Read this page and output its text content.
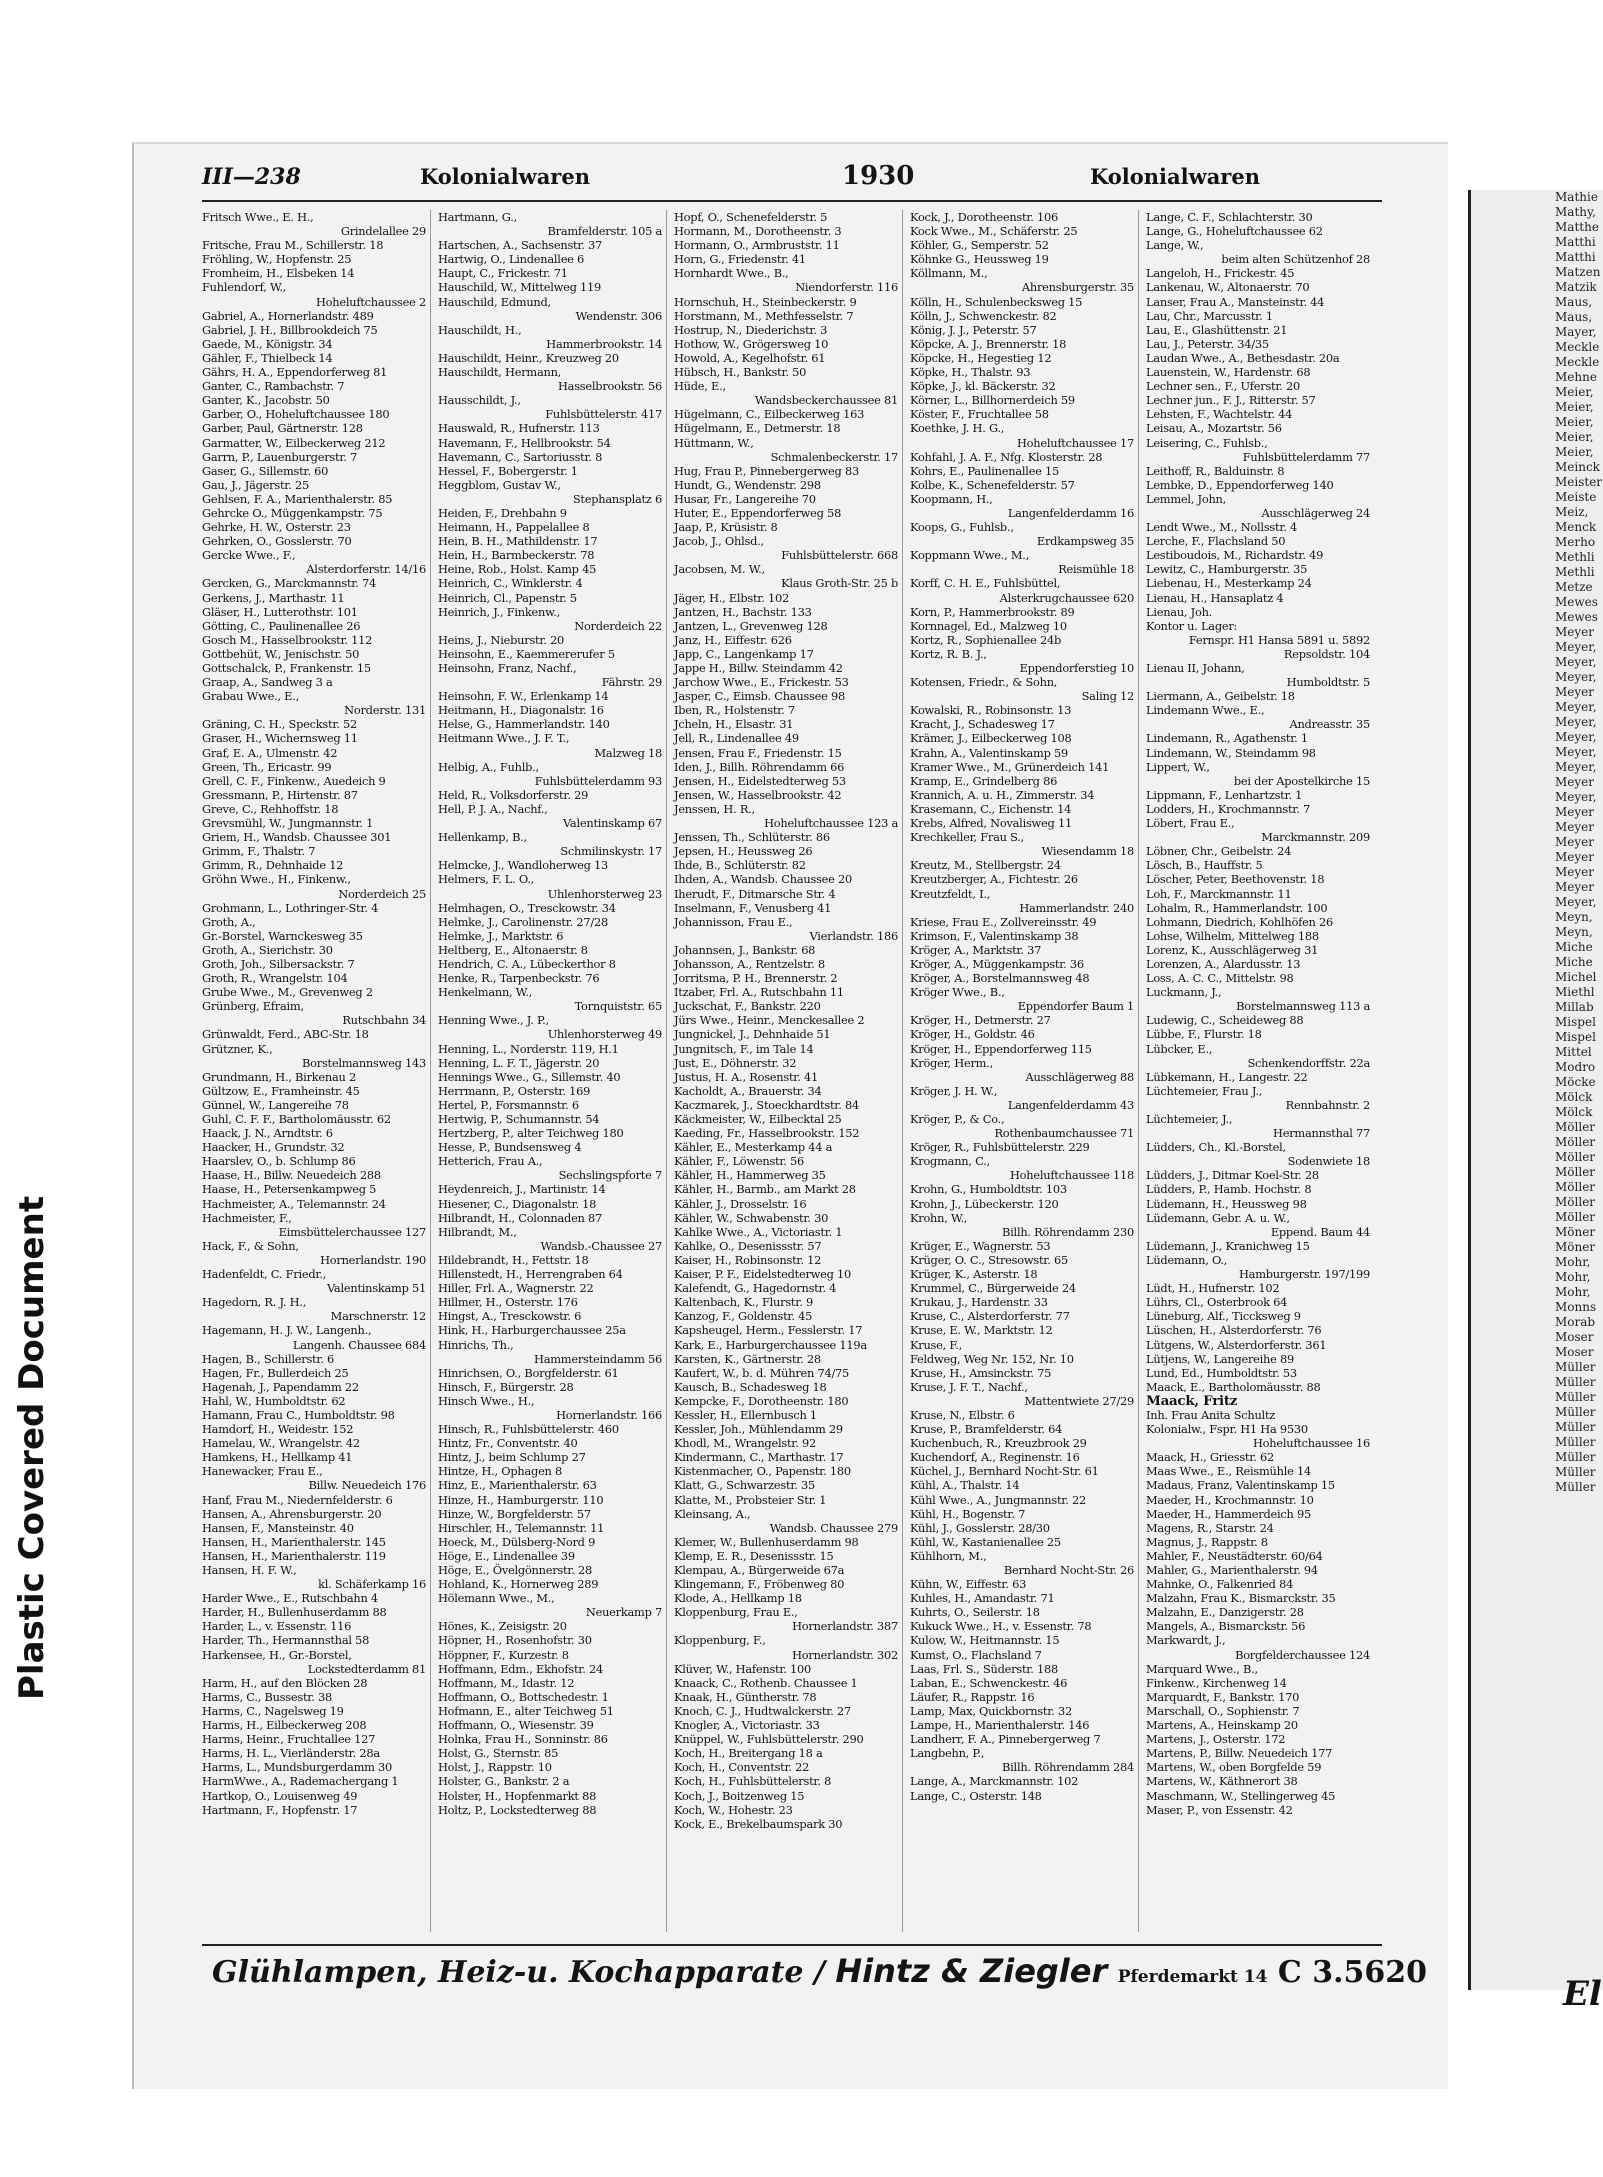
Plastic Covered Document
III—238	Kolonialwaren	1930	Kolonialwaren
Fritsch Wwe., E. H.,
Grindelallee 29
Fritsche, Frau M., Schillerstr. 18
Fröhling, W., Hopfenstr. 25
Fromheim, H., Elsbeken 14
Fuhlendorf, W.,
Hoheluftchaussee 2
Gabriel, A., Hornerlandstr. 489
Gabriel, J. H., Billbrookdeich 75
Gaede, M., Königstr. 34
Gähler, F., Thielbeck 14
Gährs, H. A., Eppendorferweg 81
Ganter, C., Rambachstr. 7
Ganter, K., Jacobstr. 50
Garber, O., Hoheluftchaussee 180
Garber, Paul, Gärtnerstr. 128
Garmatter, W., Eilbeckerweg 212
Garrn, P., Lauenburgerstr. 7
Gaser, G., Sillemstr. 60
Gau, J., Jägerstr. 25
Gehlsen, F. A., Marienthalerstr. 85
Gehrcke O., Müggenkampstr. 75
Gehrke, H. W., Osterstr. 23
Gehrken, O., Gosslerstr. 70
Gercke Wwe., F.,
Alsterdorferstr. 14/16
Gercken, G., Marckmannstr. 74
Gerkens, J., Marthastr. 11
Gläser, H., Lutterothstr. 101
Götting, C., Paulinenallee 26
Gosch M., Hasselbrookstr. 112
Gottbehüt, W., Jenischstr. 50
Gottschalck, P., Frankenstr. 15
Graap, A., Sandweg 3 a
Grabau Wwe., E.,
Norderstr. 131
Gräning, C. H., Speckstr. 52
Graser, H., Wichernsweg 11
Graf, E. A., Ulmenstr. 42
Green, Th., Ericastr. 99
Grell, C. F., Finkenw., Auedeich 9
Gressmann, P., Hirtenstr. 87
Greve, C., Rehhoffstr. 18
Grevsmühl, W., Jungmannstr. 1
Griem, H., Wandsb. Chaussee 301
Grimm, F., Thalstr. 7
Grimm, R., Dehnhaide 12
Gröhn Wwe., H., Finkenw.,
Norderdeich 25
Grohmann, L., Lothringer-Str. 4
Groth, A.,
Gr.-Borstel, Warnckesweg 35
Groth, A., Sierichstr. 30
Groth, Joh., Silbersackstr. 7
Groth, R., Wrangelstr. 104
Grube Wwe., M., Grevenweg 2
Grünberg, Efraim,
Rutschbahn 34
Grünwaldt, Ferd., ABC-Str. 18
Grützner, K.,
Borstelmannsweg 143
Grundmann, H., Birkenau 2
Gültzow, E., Framheinstr. 45
Günnel, W., Langereihe 78
Guhl, C. F. F., Bartholomäusstr. 62
Haack, J. N., Arndtstr. 6
Haacker, H., Grundstr. 32
Haarslev, O., b. Schlump 86
Haase, H., Billw. Neuedeich 288
Haase, H., Petersenkampweg 5
Hachmeister, A., Telemannstr. 24
Hachmeister, F.,
Eimsbüttelerchaussee 127
Hack, F., & Sohn,
Hornerlandstr. 190
Hadenfeldt, C. Friedr.,
Valentinskamp 51
Hagedorn, R. J. H.,
Marschnerstr. 12
Hagemann, H. J. W., Langenh.,
Langenh. Chaussee 684
Hagen, B., Schillerstr. 6
Hagen, Fr., Bullerdeich 25
Hagenah, J., Papendamm 22
Hahl, W., Humboldtstr. 62
Hamann, Frau C., Humboldtstr. 98
Hamdorf, H., Weidestr. 152
Hamelau, W., Wrangelstr. 42
Hamkens, H., Hellkamp 41
Hanewacker, Frau E.,
Billw. Neuedeich 176
Hanf, Frau M., Niedernfelderstr. 6
Hansen, A., Ahrensburgerstr. 20
Hansen, F., Mansteinstr. 40
Hansen, H., Marienthalerstr. 145
Hansen, H., Marienthalerstr. 119
Hansen, H. F. W.,
kl. Schäferkamp 16
Harder Wwe., E., Rutschbahn 4
Harder, H., Bullenhuserdamm 88
Harder, L., v. Essenstr. 116
Harder, Th., Hermannsthal 58
Harkensee, H., Gr.-Borstel,
Lockstedterdamm 81
Harm, H., auf den Blöcken 28
Harms, C., Bussestr. 38
Harms, C., Nagelsweg 19
Harms, H., Eilbeckerweg 208
Harms, Heinr., Fruchtallee 127
Harms, H. L., Vierländerstr. 28a
Harms, L., Mundsburgerdamm 30
HarmWwe., A., Rademachergang 1
Hartkop, O., Louisenweg 49
Hartmann, F., Hopfenstr. 17
Hartmann, G.,
Bramfelderstr. 105 a
Hartschen, A., Sachsenstr. 37
Hartwig, O., Lindenallee 6
Haupt, C., Frickestr. 71
Hauschild, W., Mittelweg 119
Hauschild, Edmund,
Wendenstr. 306
Hauschildt, H.,
Hammerbrookstr. 14
Hauschildt, Heinr., Kreuzweg 20
Hauschildt, Hermann,
Hasselbrookstr. 56
Hausschildt, J.,
Fuhlsbüttelerstr. 417
Hauswald, R., Hufnerstr. 113
Havemann, F., Hellbrookstr. 54
Havemann, C., Sartoriusstr. 8
Hessel, F., Bobergerstr. 1
Heggblom, Gustav W.,
Stephansplatz 6
Heiden, F., Drehbahn 9
Heimann, H., Pappelallee 8
Hein, B. H., Mathildenstr. 17
Hein, H., Barmbeckerstr. 78
Heine, Rob., Holst. Kamp 45
Heinrich, C., Winklerstr. 4
Heinrich, Cl., Papenstr. 5
Heinrich, J., Finkenw.,
Norderdeich 22
Heins, J., Nieburstr. 20
Heinsohn, E., Kaemmererufer 5
Heinsohn, Franz, Nachf.,
Fährstr. 29
Heinsohn, F. W., Erlenkamp 14
Heitmann, H., Diagonalstr. 16
Helse, G., Hammerlandstr. 140
Heitmann Wwe., J. F. T.,
Malzweg 18
Helbig, A., Fuhlb.,
Fuhlsbüttelerdamm 93
Held, R., Volksdorferstr. 29
Hell, P. J. A., Nachf.,
Valentinskamp 67
Hellenkamp, B.,
Schmilinskystr. 17
Helmcke, J., Wandloherweg 13
Helmers, F. L. O.,
Uhlenhorsterweg 23
Helmhagen, O., Tresckowstr. 34
Helmke, J., Carolinenstr. 27/28
Helmke, J., Marktstr. 6
Heltberg, E., Altonaerstr. 8
Hendrich, C. A., Lübeckerthor 8
Henke, R., Tarpenbeckstr. 76
Henkelmann, W.,
Tornquiststr. 65
Henning Wwe., J. P.,
Uhlenhorsterweg 49
Henning, L., Norderstr. 119, H.1
Henning, L. F. T., Jägerstr. 20
Hennings Wwe., G., Sillemstr. 40
Herrmann, P., Osterstr. 169
Hertel, P., Forsmannstr. 6
Hertwig, P., Schumannstr. 54
Hertzberg, P., alter Teichweg 180
Hesse, P., Bundsensweg 4
Hetterich, Frau A.,
Sechslingspforte 7
Heydenreich, J., Martinistr. 14
Hiesener, C., Diagonalstr. 18
Hilbrandt, H., Colonnaden 87
Hilbrandt, M.,
Wandsb.-Chaussee 27
Hildebrandt, H., Fettstr. 18
Hillenstedt, H., Herrengraben 64
Hiller, Frl. A., Wagnerstr. 22
Hillmer, H., Osterstr. 176
Hingst, A., Tresckowstr. 6
Hink, H., Harburgerchaussee 25a
Hinrichs, Th.,
Hammersteindamm 56
Hinrichsen, O., Borgfelderstr. 61
Hinsch, F., Bürgerstr. 28
Hinsch Wwe., H.,
Hornerlandstr. 166
Hinsch, R., Fuhlsbüttelerstr. 460
Hintz, Fr., Conventstr. 40
Hintz, J., beim Schlump 27
Hintze, H., Ophagen 8
Hinz, E., Marienthalerstr. 63
Hinze, H., Hamburgerstr. 110
Hinze, W., Borgfelderstr. 57
Hirschler, H., Telemannstr. 11
Hoeck, M., Dülsberg-Nord 9
Höge, E., Lindenallee 39
Höge, E., Övelgönnerstr. 28
Hohland, K., Hornerweg 289
Hölemann Wwe., M.,
Neuerkamp 7
Hönes, K., Zeisigstr. 20
Höpner, H., Rosenhofstr. 30
Höppner, F., Kurzestr. 8
Hoffmann, Edm., Ekhofstr. 24
Hoffmann, M., Idastr. 12
Hoffmann, O., Bottschedestr. 1
Hofmann, E., alter Teichweg 51
Hoffmann, O., Wiesenstr. 39
Holnka, Frau H., Sonninstr. 86
Holst, G., Sternstr. 85
Holst, J., Rappstr. 10
Holster, G., Bankstr. 2 a
Holster, H., Hopfenmarkt 88
Holtz, P., Lockstedterweg 88
Hopf, O., Schenefelderstr. 5
Hormann, M., Dorotheenstr. 3
Hormann, O., Armbruststr. 11
Horn, G., Friedenstr. 41
Hornhardt Wwe., B.,
Niendorferstr. 116
Hornschuh, H., Steinbeckerstr. 9
Horstmann, M., Methfesselstr. 7
Hostrup, N., Diederichstr. 3
Hothow, W., Grögersweg 10
Howold, A., Kegelhofstr. 61
Hübsch, H., Bankstr. 50
Hüde, E.,
Wandsbeckerchaussee 81
Hügelmann, C., Eilbeckerweg 163
Hügelmann, E., Detmerstr. 18
Hüttmann, W.,
Schmalenbeckerstr. 17
Hug, Frau P., Pinnebergerweg 83
Hundt, G., Wendenstr. 298
Husar, Fr., Langereihe 70
Huter, E., Eppendorferweg 58
Jaap, P., Krüsistr. 8
Jacob, J., Ohlsd.,
Fuhlsbüttelerstr. 668
Jacobsen, M. W.,
Klaus Groth-Str. 25 b
Jäger, H., Elbstr. 102
Jantzen, H., Bachstr. 133
Jantzen, L., Grevenweg 128
Janz, H., Eiffestr. 626
Japp, C., Langenkamp 17
Jappe H., Billw. Steindamm 42
Jarchow Wwe., E., Frickestr. 53
Jasper, C., Eimsb. Chaussee 98
Iben, R., Holstenstr. 7
Jcheln, H., Elsastr. 31
Jell, R., Lindenallee 49
Jensen, Frau F., Friedenstr. 15
Iden, J., Billh. Röhrendamm 66
Jensen, H., Eidelstedterweg 53
Jensen, W., Hasselbrookstr. 42
Jenssen, H. R.,
Hoheluftchaussee 123 a
Jenssen, Th., Schlüterstr. 86
Jepsen, H., Heussweg 26
Ihde, B., Schlüterstr. 82
Ihden, A., Wandsb. Chaussee 20
Iherudt, F., Ditmarsche Str. 4
Inselmann, F., Venusberg 41
Johannisson, Frau E.,
Vierlandstr. 186
Johannsen, J., Bankstr. 68
Johansson, A., Rentzelstr. 8
Jorritsma, P. H., Brennerstr. 2
Itzaber, Frl. A., Rutschbahn 11
Juckschat, F., Bankstr. 220
Jürs Wwe., Heinr., Menckesallee 2
Jungnickel, J., Dehnhaide 51
Jungnitsch, F., im Tale 14
Just, E., Döhnerstr. 32
Justus, H. A., Rosenstr. 41
Kacholdt, A., Brauerstr. 34
Kaczmarek, J., Stoeckhardtstr. 84
Käckmeister, W., Eilbecktal 25
Kaeding, Fr., Hasselbrookstr. 152
Kähler, E., Mesterkamp 44 a
Kähler, F., Löwenstr. 56
Kähler, H., Hammerweg 35
Kähler, H., Barmb., am Markt 28
Kähler, J., Drosselstr. 16
Kähler, W., Schwabenstr. 30
Kahlke Wwe., A., Victoriastr. 1
Kahlke, O., Desenissstr. 57
Kaiser, H., Robinsonstr. 12
Kaiser, P. F., Eidelstedterweg 10
Kalefendt, G., Hagedornstr. 4
Kaltenbach, K., Flurstr. 9
Kanzog, F., Goldenstr. 45
Kapsheugel, Herm., Fesslerstr. 17
Kark, E., Harburgerchaussee 119a
Karsten, K., Gärtnerstr. 28
Kaufert, W., b. d. Mühren 74/75
Kausch, B., Schadesweg 18
Kempcke, F., Dorotheenstr. 180
Kessler, H., Ellernbusch 1
Kessler, Joh., Mühlendamm 29
Khodl, M., Wrangelstr. 92
Kindermann, C., Marthastr. 17
Kistenmacher, O., Papenstr. 180
Klatt, G., Schwarzestr. 35
Klatte, M., Probsteier Str. 1
Kleinsang, A.,
Wandsb. Chaussee 279
Klemer, W., Bullenhuserdamm 98
Klemp, E. R., Desenissstr. 15
Klempau, A., Bürgerweide 67a
Klingemann, F., Fröbenweg 80
Klode, A., Hellkamp 18
Kloppenburg, Frau E.,
Hornerlandstr. 387
Kloppenburg, F.,
Hornerlandstr. 302
Klüver, W., Hafenstr. 100
Knaack, C., Rothenb. Chaussee 1
Knaak, H., Güntherstr. 78
Knoch, C. J., Hudtwalckerstr. 27
Knogler, A., Victoriastr. 33
Knüppel, W., Fuhlsbüttelerstr. 290
Koch, H., Breitergang 18 a
Koch, H., Conventstr. 22
Koch, H., Fuhlsbüttelerstr. 8
Koch, J., Boitzenweg 15
Koch, W., Hohestr. 23
Kock, E., Brekelbaumspark 30
Kock, J., Dorotheenstr. 106
Kock Wwe., M., Schäferstr. 25
Köhler, G., Semperstr. 52
Köhnke G., Heussweg 19
Köllmann, M.,
Ahrensburgerstr. 35
Kölln, H., Schulenbecksweg 15
Kölln, J., Schwenckestr. 82
König, J. J., Peterstr. 57
Köpcke, A. J., Brennerstr. 18
Köpcke, H., Hegestieg 12
Köpke, H., Thalstr. 93
Köpke, J., kl. Bäckerstr. 32
Körner, L., Billhornerdeich 59
Köster, F., Fruchtallee 58
Koethke, J. H. G.,
Hoheluftchaussee 17
Kohfahl, J. A. F., Nfg. Klosterstr. 28
Kohrs, E., Paulinenallee 15
Kolbe, K., Schenefelderstr. 57
Koopmann, H.,
Langenfelderdamm 16
Koops, G., Fuhlsb.,
Erdkampsweg 35
Koppmann Wwe., M.,
Reismühle 18
Korff, C. H. E., Fuhlsbüttel,
Alsterkrugchaussee 620
Korn, P., Hammerbrookstr. 89
Kornnagel, Ed., Malzweg 10
Kortz, R., Sophienallee 24b
Kortz, R. B. J.,
Eppendorferstieg 10
Kotensen, Friedr., & Sohn,
Saling 12
Kowalski, R., Robinsonstr. 13
Kracht, J., Schadesweg 17
Krämer, J., Eilbeckerweg 108
Krahn, A., Valentinskamp 59
Kramer Wwe., M., Grünerdeich 141
Kramp, E., Grindelberg 86
Krannich, A. u. H., Zimmerstr. 34
Krasemann, C., Eichenstr. 14
Krebs, Alfred, Novalisweg 11
Krechkeller, Frau S.,
Wiesendamm 18
Kreutz, M., Stellbergstr. 24
Kreutzberger, A., Fichtestr. 26
Kreutzfeldt, I.,
Hammerlandstr. 240
Kriese, Frau E., Zollvereinsstr. 49
Krimson, F., Valentinskamp 38
Kröger, A., Marktstr. 37
Kröger, A., Müggenkampstr. 36
Kröger, A., Borstelmannsweg 48
Kröger Wwe., B.,
Eppendorfer Baum 1
Kröger, H., Detmerstr. 27
Kröger, H., Goldstr. 46
Kröger, H., Eppendorferweg 115
Kröger, Herm.,
Ausschlägerweg 88
Kröger, J. H. W.,
Langenfelderdamm 43
Kröger, P., & Co.,
Rothenbaumchaussee 71
Kröger, R., Fuhlsbüttelerstr. 229
Krogmann, C.,
Hoheluftchaussee 118
Krohn, G., Humboldtstr. 103
Krohn, J., Lübeckerstr. 120
Krohn, W.,
Billh. Röhrendamm 230
Krüger, E., Wagnerstr. 53
Krüger, O. C., Stresowstr. 65
Krüger, K., Asterstr. 18
Krummel, C., Bürgerweide 24
Krukau, J., Hardenstr. 33
Kruse, C., Alsterdorferstr. 77
Kruse, E. W., Marktstr. 12
Kruse, F.,
Feldweg, Weg Nr. 152, Nr. 10
Kruse, H., Amsinckstr. 75
Kruse, J. F. T., Nachf.,
Mattentwiete 27/29
Kruse, N., Elbstr. 6
Kruse, P., Bramfelderstr. 64
Kuchenbuch, R., Kreuzbrook 29
Kuchendorf, A., Reginenstr. 16
Küchel, J., Bernhard Nocht-Str. 61
Kühl, A., Thalstr. 14
Kühl Wwe., A., Jungmannstr. 22
Kühl, H., Bogenstr. 7
Kühl, J., Gosslerstr. 28/30
Kühl, W., Kastanienallee 25
Kühlhorn, M.,
Bernhard Nocht-Str. 26
Kühn, W., Eiffestr. 63
Kuhles, H., Amandastr. 71
Kuhrts, O., Seilerstr. 18
Kukuck Wwe., H., v. Essenstr. 78
Kulow, W., Heitmannstr. 15
Kumst, O., Flachsland 7
Laas, Frl. S., Süderstr. 188
Laban, E., Schwenckestr. 46
Läufer, R., Rappstr. 16
Lamp, Max, Quickbornstr. 32
Lampe, H., Marienthalerstr. 146
Landherr, F. A., Pinnebergerweg 7
Langbehn, P.,
Billh. Röhrendamm 284
Lange, A., Marckmannstr. 102
Lange, C., Osterstr. 148
Lange, C. F., Schlachterstr. 30
Lange, G., Hoheluftchaussee 62
Lange, W.,
beim alten Schützenhof 28
Langeloh, H., Frickestr. 45
Lankenau, W., Altonaerstr. 70
Lanser, Frau A., Mansteinstr. 44
Lau, Chr., Marcusstr. 1
Lau, E., Glashüttenstr. 21
Lau, J., Peterstr. 34/35
Laudan Wwe., A., Bethesdastr. 20a
Lauenstein, W., Hardenstr. 68
Lechner sen., F., Uferstr. 20
Lechner jun., F. J., Ritterstr. 57
Lehsten, F., Wachtelstr. 44
Leisau, A., Mozartstr. 56
Leisering, C., Fuhlsb.,
Fuhlsbüttelerdamm 77
Leithoff, R., Balduinstr. 8
Lembke, D., Eppendorferweg 140
Lemmel, John,
Ausschlägerweg 24
Lendt Wwe., M., Nollsstr. 4
Lerche, F., Flachsland 50
Lestiboudois, M., Richardstr. 49
Lewitz, C., Hamburgerstr. 35
Liebenau, H., Mesterkamp 24
Lienau, H., Hansaplatz 4
Lienau, Joh.
Kontor u. Lager:
Fernspr. H1 Hansa 5891 u. 5892
Repsoldstr. 104
Lienau II, Johann,
Humboldtstr. 5
Liermann, A., Geibelstr. 18
Lindemann Wwe., E.,
Andreasstr. 35
Lindemann, R., Agathenstr. 1
Lindemann, W., Steindamm 98
Lippert, W.,
bei der Apostelkirche 15
Lippmann, F., Lenhartzstr. 1
Lodders, H., Krochmannstr. 7
Löbert, Frau E.,
Marckmannstr. 209
Löbner, Chr., Geibelstr. 24
Lösch, B., Hauffstr. 5
Löscher, Peter, Beethovenstr. 18
Loh, F., Marckmannstr. 11
Lohalm, R., Hammerlandstr. 100
Lohmann, Diedrich, Kohlhöfen 26
Lohse, Wilhelm, Mittelweg 188
Lorenz, K., Ausschlägerweg 31
Lorenzen, A., Alardusstr. 13
Loss, A. C. C., Mittelstr. 98
Luckmann, J.,
Borstelmannsweg 113 a
Ludewig, C., Scheideweg 88
Lübbe, F., Flurstr. 18
Lübcker, E.,
Schenkendorffstr. 22a
Lübkemann, H., Langestr. 22
Lüchtemeier, Frau J.,
Rennbahnstr. 2
Lüchtemeier, J.,
Hermannsthal 77
Lüdders, Ch., Kl.-Borstel,
Sodenwiete 18
Lüdders, J., Ditmar Koel-Str. 28
Lüdders, P., Hamb. Hochstr. 8
Lüdemann, H., Heussweg 98
Lüdemann, Gebr. A. u. W.,
Eppend. Baum 44
Lüdemann, J., Kranichweg 15
Lüdemann, O.,
Hamburgerstr. 197/199
Lüdt, H., Hufnerstr. 102
Lührs, Cl., Osterbrook 64
Lüneburg, Alf., Ticcksweg 9
Lüschen, H., Alsterdorferstr. 76
Lütgens, W., Alsterdorferstr. 361
Lütjens, W., Langereihe 89
Lund, Ed., Humboldtstr. 53
Maack, E., Bartholomäusstr. 88
Maack, Fritz
Inh. Frau Anita Schultz
Kolonialw., Fspr. H1 Ha 9530
Hoheluftchaussee 16
Maack, H., Griesstr. 62
Maas Wwe., E., Reismühle 14
Madaus, Franz, Valentinskamp 15
Maeder, H., Krochmannstr. 10
Maeder, H., Hammerdeich 95
Magens, R., Starstr. 24
Magnus, J., Rappstr. 8
Mahler, F., Neustädterstr. 60/64
Mahler, G., Marienthalerstr. 94
Mahnke, O., Falkenried 84
Malzahn, Frau K., Bismarckstr. 35
Malzahn, E., Danzigerstr. 28
Mangels, A., Bismarckstr. 56
Markwardt, J.,
Borgfelderchaussee 124
Marquard Wwe., B.,
Finkenw., Kirchenweg 14
Marquardt, F., Bankstr. 170
Marschall, O., Sophienstr. 7
Martens, A., Heinskamp 20
Martens, J., Osterstr. 172
Martens, P., Billw. Neuedeich 177
Martens, W., oben Borgfelde 59
Martens, W., Käthnerort 38
Maschmann, W., Stellingerweg 45
Maser, P., von Essenstr. 42
Glühlampen, Heiz-u. Kochapparate / Hintz & Ziegler Pferdemarkt 14 C 3.5620
Mathie
Mathy,
Matthe
Matthi
Matthi
Matzen
Matzik
Maus,
Maus,
Mayer,
Meckle
Meckle
Mehne
Meier,
Meier,
Meier,
Meier,
Meier,
Meinck
Meister
Meiste
Meiz,
Menck
Merho
Methli
Methli
Metze
Mewes
Mewes
Meyer
Meyer,
Meyer,
Meyer,
Meyer
Meyer,
Meyer,
Meyer,
Meyer,
Meyer,
Meyer
Meyer,
Meyer
Meyer
Meyer
Meyer
Meyer
Meyer
Meyer,
Meyn,
Meyn,
Miche
Miche
Michel
Miethl
Millab
Mispel
Mispel
Mittel
Modro
Möcke
Mölck
Mölck
Möller
Möller
Möller
Möller
Möller
Möller
Möller
Möner
Möner
Mohr,
Mohr,
Mohr,
Monns
Morab
Moser
Moser
Müller
Müller
Müller
Müller
Müller
Müller
Müller
Müller
Müller
El
